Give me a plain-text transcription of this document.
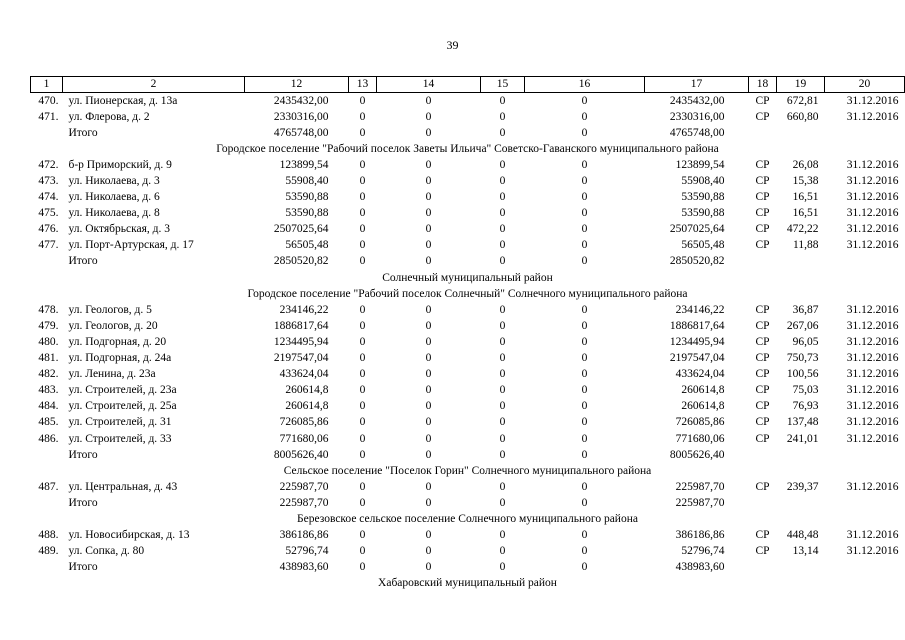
39
1	2	12	13	14	15	16	17	18	19	20
470.	ул. Пионерская, д. 13а	2435432,00	0	0	0	0	2435432,00	СР	672,81	31.12.2016
471.	ул. Флерова, д. 2	2330316,00	0	0	0	0	2330316,00	СР	660,80	31.12.2016
	Итого	4765748,00	0	0	0	0	4765748,00			
Городское поселение "Рабочий поселок Заветы Ильича" Советско-Гаванского муниципального района										
472.	б-р Приморский, д. 9	123899,54	0	0	0	0	123899,54	СР	26,08	31.12.2016
473.	ул. Николаева, д. 3	55908,40	0	0	0	0	55908,40	СР	15,38	31.12.2016
474.	ул. Николаева, д. 6	53590,88	0	0	0	0	53590,88	СР	16,51	31.12.2016
475.	ул. Николаева, д. 8	53590,88	0	0	0	0	53590,88	СР	16,51	31.12.2016
476.	ул. Октябрьская, д. 3	2507025,64	0	0	0	0	2507025,64	СР	472,22	31.12.2016
477.	ул. Порт-Артурская, д. 17	56505,48	0	0	0	0	56505,48	СР	11,88	31.12.2016
	Итого	2850520,82	0	0	0	0	2850520,82			
Солнечный муниципальный район										
Городское поселение "Рабочий поселок Солнечный" Солнечного муниципального района										
478.	ул. Геологов, д. 5	234146,22	0	0	0	0	234146,22	СР	36,87	31.12.2016
479.	ул. Геологов, д. 20	1886817,64	0	0	0	0	1886817,64	СР	267,06	31.12.2016
480.	ул. Подгорная, д. 20	1234495,94	0	0	0	0	1234495,94	СР	96,05	31.12.2016
481.	ул. Подгорная, д. 24а	2197547,04	0	0	0	0	2197547,04	СР	750,73	31.12.2016
482.	ул. Ленина, д. 23а	433624,04	0	0	0	0	433624,04	СР	100,56	31.12.2016
483.	ул. Строителей, д. 23а	260614,8	0	0	0	0	260614,8	СР	75,03	31.12.2016
484.	ул. Строителей, д. 25а	260614,8	0	0	0	0	260614,8	СР	76,93	31.12.2016
485.	ул. Строителей, д. 31	726085,86	0	0	0	0	726085,86	СР	137,48	31.12.2016
486.	ул. Строителей, д. 33	771680,06	0	0	0	0	771680,06	СР	241,01	31.12.2016
	Итого	8005626,40	0	0	0	0	8005626,40			
Сельское поселение "Поселок Горин" Солнечного муниципального района										
487.	ул. Центральная, д. 43	225987,70	0	0	0	0	225987,70	СР	239,37	31.12.2016
	Итого	225987,70	0	0	0	0	225987,70			
Березовское сельское поселение Солнечного муниципального района										
488.	ул. Новосибирская, д. 13	386186,86	0	0	0	0	386186,86	СР	448,48	31.12.2016
489.	ул. Сопка, д. 80	52796,74	0	0	0	0	52796,74	СР	13,14	31.12.2016
	Итого	438983,60	0	0	0	0	438983,60			
Хабаровский муниципальный район										
